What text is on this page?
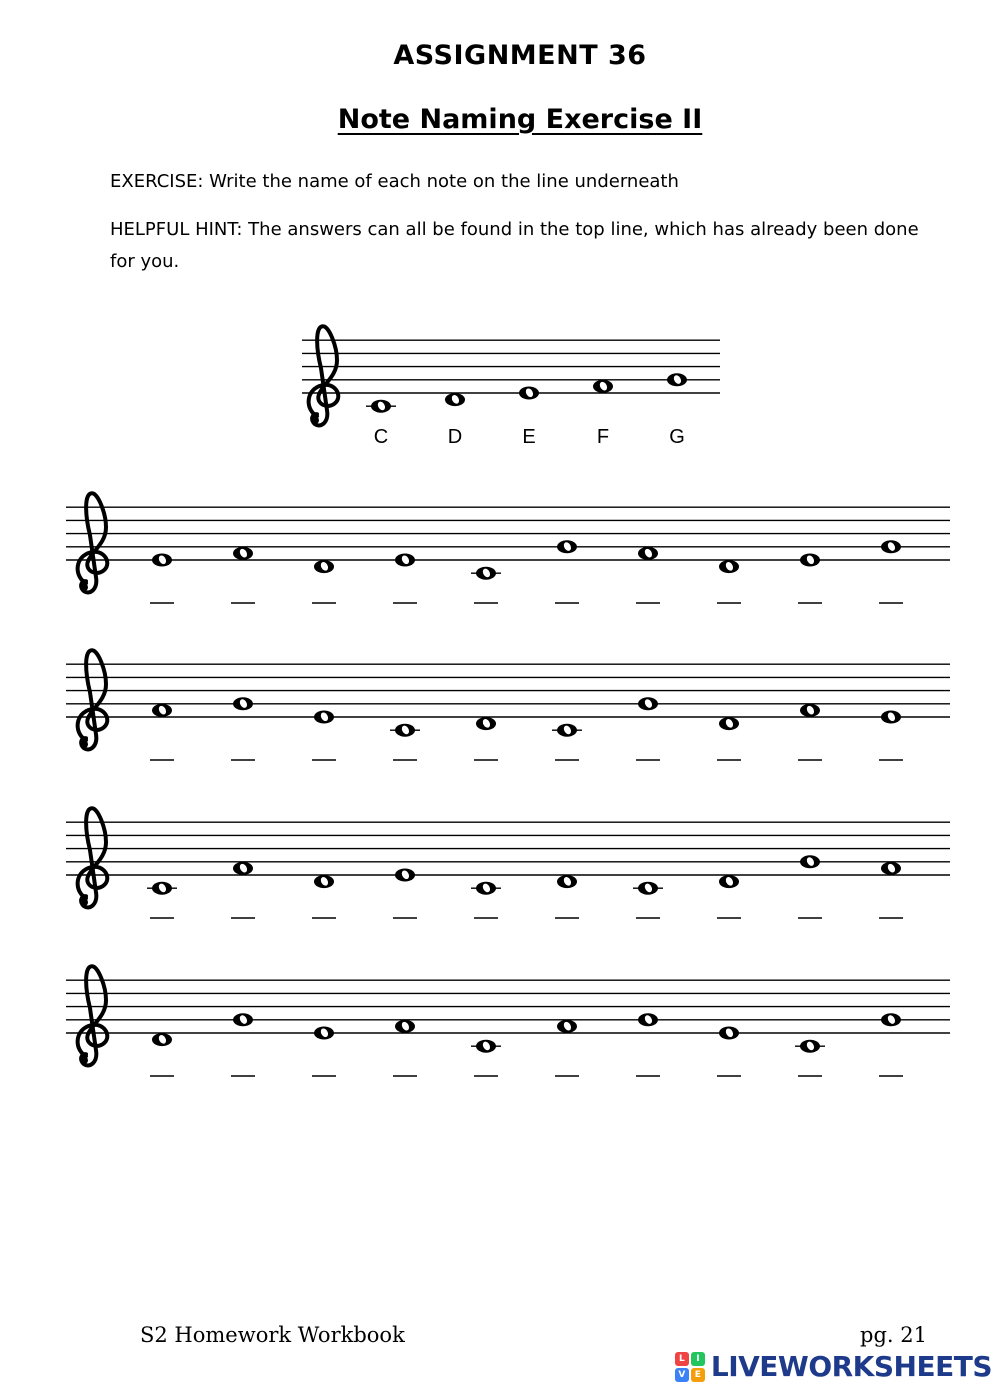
ASSIGNMENT 36
Note Naming Exercise II
EXERCISE: Write the name of each note on the line underneath
HELPFUL HINT: The answers can all be found in the top line, which has already been done for you.
C	D	E	F	G
S2 Homework Workbook	pg. 21
L	I
V	E LIVEWORKSHEETS
